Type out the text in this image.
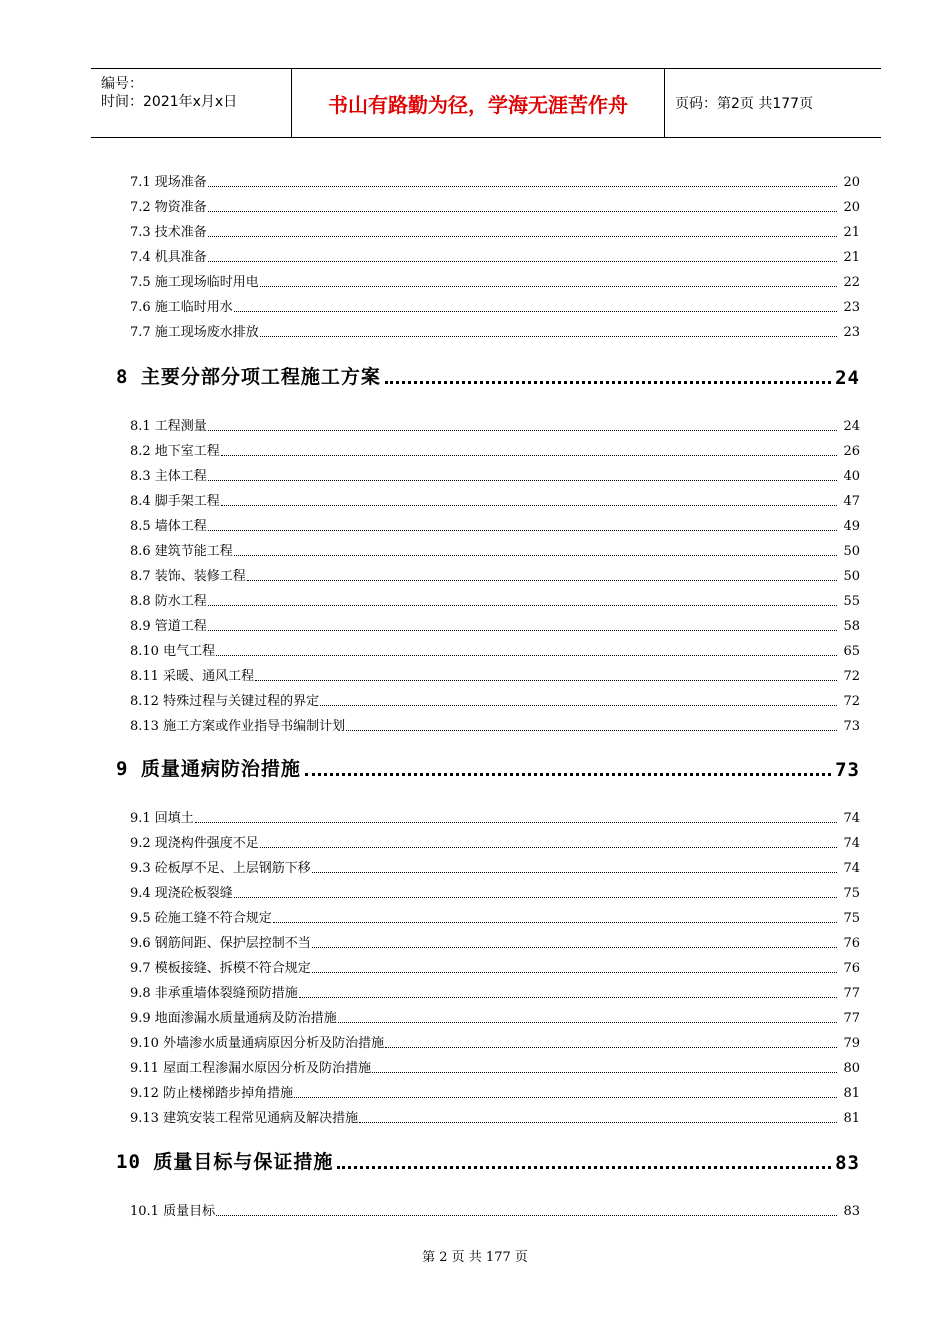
编号：
时间：2021年x月x日	书山有路勤为径，学海无涯苦作舟	页码：第2页 共177页
7.1 现场准备	20
7.2 物资准备	20
7.3 技术准备	21
7.4 机具准备	21
7.5 施工现场临时用电	22
7.6 施工临时用水	23
7.7 施工现场废水排放	23
8 主要分部分项工程施工方案	24
8.1 工程测量	24
8.2 地下室工程	26
8.3 主体工程	40
8.4 脚手架工程	47
8.5 墙体工程	49
8.6 建筑节能工程	50
8.7 装饰、装修工程	50
8.8 防水工程	55
8.9 管道工程	58
8.10 电气工程	65
8.11 采暖、通风工程	72
8.12 特殊过程与关键过程的界定	72
8.13 施工方案或作业指导书编制计划	73
9 质量通病防治措施	73
9.1 回填土	74
9.2 现浇构件强度不足	74
9.3 砼板厚不足、上层钢筋下移	74
9.4 现浇砼板裂缝	75
9.5 砼施工缝不符合规定	75
9.6 钢筋间距、保护层控制不当	76
9.7 模板接缝、拆模不符合规定	76
9.8 非承重墙体裂缝预防措施	77
9.9 地面渗漏水质量通病及防治措施	77
9.10 外墙渗水质量通病原因分析及防治措施	79
9.11 屋面工程渗漏水原因分析及防治措施	80
9.12 防止楼梯踏步掉角措施	81
9.13 建筑安装工程常见通病及解决措施	81
10 质量目标与保证措施	83
10.1 质量目标	83
第 2 页 共 177 页
